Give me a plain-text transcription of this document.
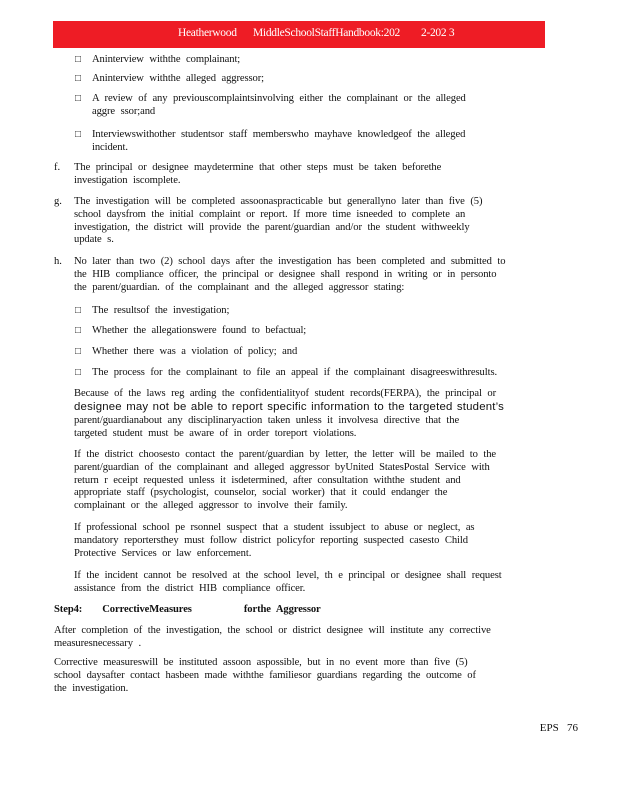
Heatherwood MiddleSchoolStaffHandbook:202 2-202 3
□ Aninterview withthe complainant;
□ Aninterview withthe alleged aggressor;
□ A review of any previouscomplaintsinvolving either the complainant or the alleged
aggre ssor;and
□ Interviewswithother studentsor staff memberswho mayhave knowledgeof the alleged
incident.
f. The principal or designee maydetermine that other steps must be taken beforethe
investigation iscomplete.
g. The investigation will be completed assoonaspracticable but generallyno later than five (5)
school daysfrom the initial complaint or report. If more time isneeded to complete an
investigation, the district will provide the parent/guardian and/or the student withweekly
update s.
h. No later than two (2) school days after the investigation has been completed and submitted to
the HIB compliance officer, the principal or designee shall respond in writing or in personto
the parent/guardian. of the complainant and the alleged aggressor stating:
□ The resultsof the investigation;
□ Whether the allegationswere found to befactual;
□ Whether there was a violation of policy; and
□ The process for the complainant to file an appeal if the complainant disagreeswithresults.
Because of the laws reg arding the confidentialityof student records(FERPA), the principal or
designee may not be able to report specific information to the targeted student’s
parent/guardianabout any disciplinaryaction taken unless it involvesa directive that the
targeted student must be aware of in order toreport violations.
If the district choosesto contact the parent/guardian by letter, the letter will be mailed to the
parent/guardian of the complainant and alleged aggressor byUnited StatesPostal Service with
return r eceipt requested unless it isdetermined, after consultation withthe student and
appropriate staff (psychologist, counselor, social worker) that it could endanger the
complainant or the alleged aggressor to involve their family.
If professional school pe rsonnel suspect that a student issubject to abuse or neglect, as
mandatory reportersthey must follow district policyfor reporting suspected casesto Child
Protective Services or law enforcement.
If the incident cannot be resolved at the school level, th e principal or designee shall request
assistance from the district HIB compliance officer.
Step4: CorrectiveMeasures	forthe Aggressor
After completion of the investigation, the school or district designee will institute any corrective
measuresnecessary .
Corrective measureswill be instituted assoon aspossible, but in no event more than five (5)
school daysafter contact hasbeen made withthe familiesor guardians regarding the outcome of
the investigation.
EPS 76
